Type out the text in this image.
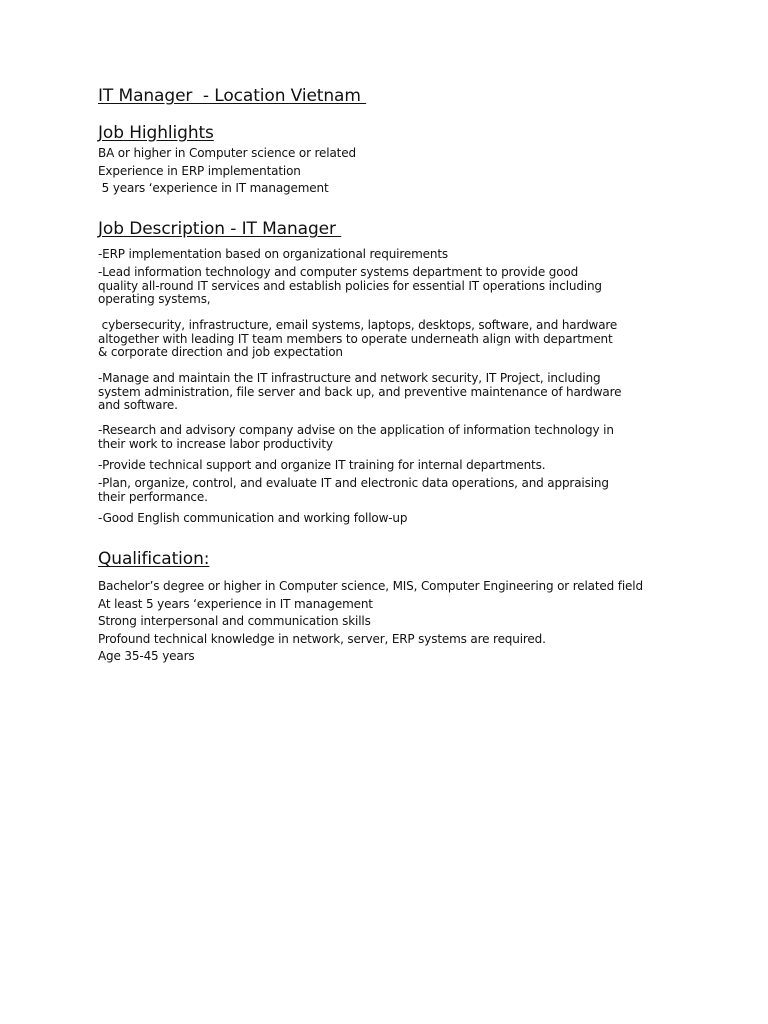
IT Manager  - Location Vietnam
Job Highlights

BA or higher in Computer science or related

Experience in ERP implementation

5 years ‘experience in IT management

Job Description - IT Manager
-ERP implementation based on organizational requirements
-Lead information technology and computer systems department to provide good
quality all-round IT services and establish policies for essential IT operations including
operating systems,
cybersecurity, infrastructure, email systems, laptops, desktops, software, and hardware
altogether with leading IT team members to operate underneath align with department
& corporate direction and job expectation
-Manage and maintain the IT infrastructure and network security, IT Project, including
system administration, file server and back up, and preventive maintenance of hardware
and software.
-Research and advisory company advise on the application of information technology in
their work to increase labor productivity
-Provide technical support and organize IT training for internal departments.
-Plan, organize, control, and evaluate IT and electronic data operations, and appraising
their performance.
-Good English communication and working follow-up
Qualification:

Bachelor’s degree or higher in Computer science, MIS, Computer Engineering or related field

At least 5 years ‘experience in IT management

Strong interpersonal and communication skills

Profound technical knowledge in network, server, ERP systems are required.

Age 35-45 years
